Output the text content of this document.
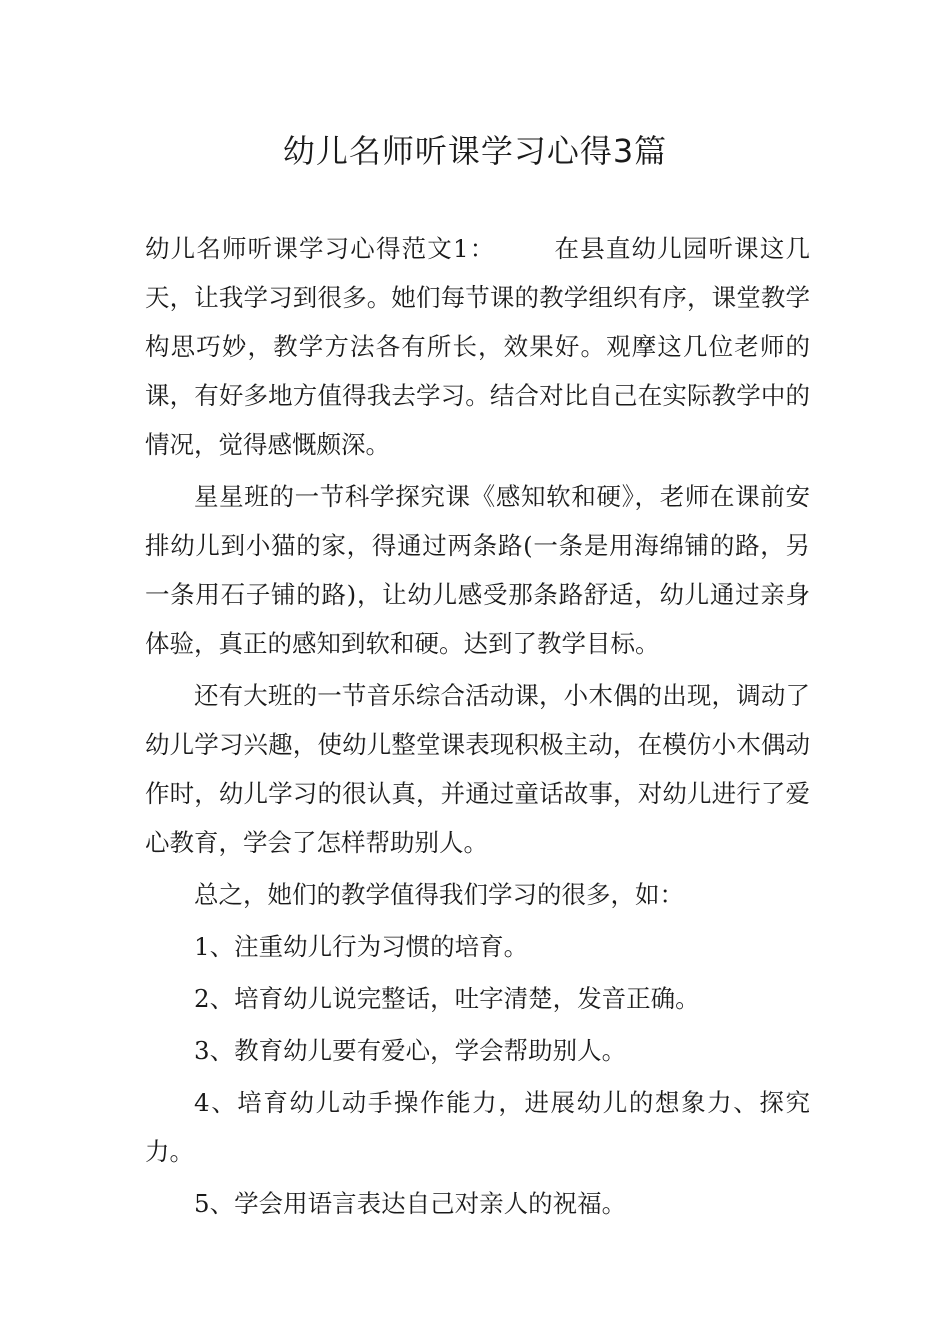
幼儿名师听课学习心得3篇

幼儿名师听课学习心得范文1： 在县直幼儿园听课这几天，让我学习到很多。她们每节课的教学组织有序，课堂教学构思巧妙，教学方法各有所长，效果好。观摩这几位老师的课，有好多地方值得我去学习。结合对比自己在实际教学中的情况，觉得感慨颇深。

星星班的一节科学探究课《感知软和硬》，老师在课前安排幼儿到小猫的家，得通过两条路(一条是用海绵铺的路，另一条用石子铺的路)，让幼儿感受那条路舒适，幼儿通过亲身体验，真正的感知到软和硬。达到了教学目标。

还有大班的一节音乐综合活动课，小木偶的出现，调动了幼儿学习兴趣，使幼儿整堂课表现积极主动，在模仿小木偶动作时，幼儿学习的很认真，并通过童话故事，对幼儿进行了爱心教育，学会了怎样帮助别人。

总之，她们的教学值得我们学习的很多，如：

1、注重幼儿行为习惯的培育。

2、培育幼儿说完整话，吐字清楚，发音正确。

3、教育幼儿要有爱心，学会帮助别人。

4、培育幼儿动手操作能力，进展幼儿的想象力、探究力。

5、学会用语言表达自己对亲人的祝福。
